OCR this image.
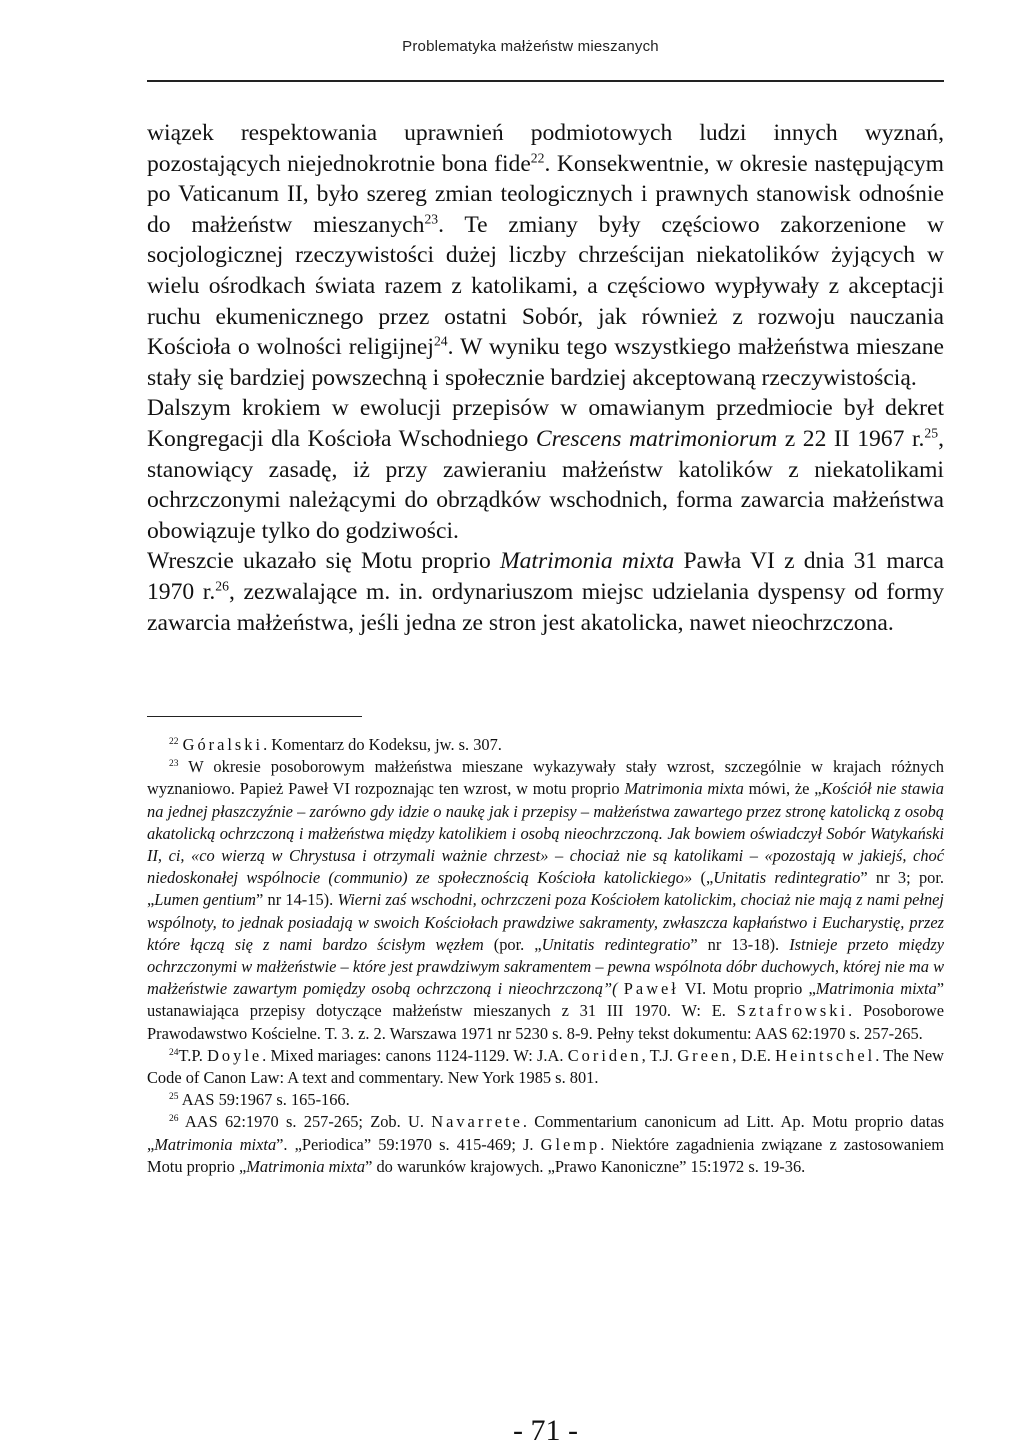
Problematyka małżeństw mieszanych

wiązek respektowania uprawnień podmiotowych ludzi innych wyznań, pozostających niejednokrotnie bona fide$^{22}$. Konsekwentnie, w okresie następującym po Vaticanum II, było szereg zmian teologicznych i prawnych stanowisk odnośnie do małżeństw mieszanych$^{23}$. Te zmiany były częściowo zakorzenione w socjologicznej rzeczywistości dużej liczby chrześcijan niekatolików żyjących w wielu ośrodkach świata razem z katolikami, a częściowo wypływały z akceptacji ruchu ekumenicznego przez ostatni Sobór, jak również z rozwoju nauczania Kościoła o wolności religijnej$^{24}$. W wyniku tego wszystkiego małżeństwa mieszane stały się bardziej powszechną i społecznie bardziej akceptowaną rzeczywistością.

Dalszym krokiem w ewolucji przepisów w omawianym przedmiocie był dekret Kongregacji dla Kościoła Wschodniego Crescens matrimoniorum z 22 II 1967 r.$^{25}$, stanowiący zasadę, iż przy zawieraniu małżeństw katolików z niekatolikami ochrzczonymi należącymi do obrządków wschodnich, forma zawarcia małżeństwa obowiązuje tylko do godziwości.

Wreszcie ukazało się Motu proprio Matrimonia mixta Pawła VI z dnia 31 marca 1970 r.$^{26}$, zezwalające m. in. ordynariuszom miejsc udzielania dyspensy od formy zawarcia małżeństwa, jeśli jedna ze stron jest akatolicka, nawet nieochrzczona.

$^{22}$ Góralski. Komentarz do Kodeksu, jw. s. 307.

$^{23}$ W okresie posoborowym małżeństwa mieszane wykazywały stały wzrost, szczególnie w krajach różnych wyznaniowo. Papież Paweł VI rozpoznając ten wzrost, w motu proprio Matrimonia mixta mówi, że „Kościół nie stawia na jednej płaszczyźnie – zarówno gdy idzie o naukę jak i przepisy – małżeństwa zawartego przez stronę katolicką z osobą akatolicką ochrzczoną i małżeństwa między katolikiem i osobą nieochrzczoną. Jak bowiem oświadczył Sobór Watykański II, ci, «co wierzą w Chrystusa i otrzymali ważnie chrzest» – chociaż nie są katolikami – «pozostają w jakiejś, choć niedoskonałej wspólnocie (communio) ze społecznością Kościoła katolickiego» („Unitatis redintegratio” nr 3; por. „Lumen gentium” nr 14-15). Wierni zaś wschodni, ochrzczeni poza Kościołem katolickim, chociaż nie mają z nami pełnej wspólnoty, to jednak posiadają w swoich Kościołach prawdziwe sakramenty, zwłaszcza kapłaństwo i Eucharystię, przez które łączą się z nami bardzo ścisłym węzłem (por. „Unitatis redintegratio” nr 13-18). Istnieje przeto między ochrzczonymi w małżeństwie – które jest prawdziwym sakramentem – pewna wspólnota dóbr duchowych, której nie ma w małżeństwie zawartym pomiędzy osobą ochrzczoną i nieochrzczoną”( Paweł VI. Motu proprio „Matrimonia mixta” ustanawiająca przepisy dotyczące małżeństw mieszanych z 31 III 1970. W: E. Sztafrowski. Posoborowe Prawodawstwo Kościelne. T. 3. z. 2. Warszawa 1971 nr 5230 s. 8-9. Pełny tekst dokumentu: AAS 62:1970 s. 257-265.

$^{24}$T.P. Doyle. Mixed mariages: canons 1124-1129. W: J.A. Coriden, T.J. Green, D.E. Heintschel. The New Code of Canon Law: A text and commentary. New York 1985 s. 801.

$^{25}$ AAS 59:1967 s. 165-166.

$^{26}$ AAS 62:1970 s. 257-265; Zob. U. Navarrete. Commentarium canonicum ad Litt. Ap. Motu proprio datas „Matrimonia mixta”. „Periodica” 59:1970 s. 415-469; J. Glemp. Niektóre zagadnienia związane z zastosowaniem Motu proprio „Matrimonia mixta” do warunków krajowych. „Prawo Kanoniczne” 15:1972 s. 19-36.

- 71 -
